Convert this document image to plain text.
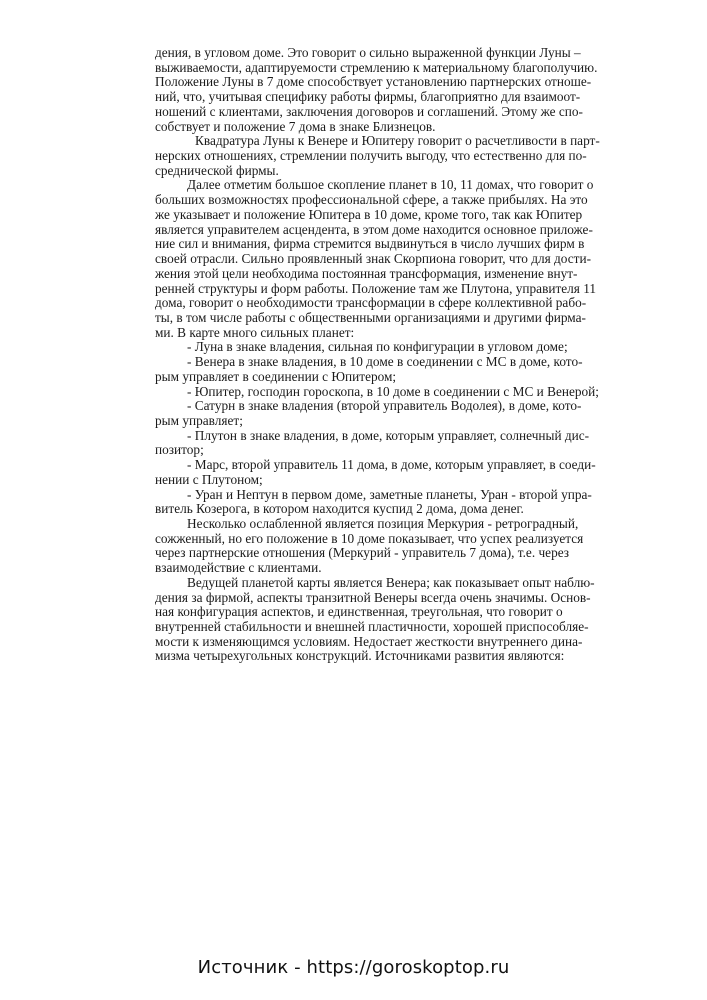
дения, в угловом доме. Это говорит о сильно выраженной функции Луны –
выживаемости, адаптируемости стремлению к материальному благополучию.
Положение Луны в 7 доме способствует установлению партнерских отноше-
ний, что, учитывая специфику работы фирмы, благоприятно для взаимоот-
ношений с клиентами, заключения договоров и соглашений. Этому же спо-
собствует и положение 7 дома в знаке Близнецов.
Квадратура Луны к Венере и Юпитеру говорит о расчетливости в парт-
нерских отношениях, стремлении получить выгоду, что естественно для по-
среднической фирмы.
Далее отметим большое скопление планет в 10, 11 домах, что говорит о
больших возможностях профессиональной сфере, а также прибылях. На это
же указывает и положение Юпитера в 10 доме, кроме того, так как Юпитер
является управителем асцендента, в этом доме находится основное приложе-
ние сил и внимания, фирма стремится выдвинуться в число лучших фирм в
своей отрасли. Сильно проявленный знак Скорпиона говорит, что для дости-
жения этой цели необходима постоянная трансформация, изменение внут-
ренней структуры и форм работы. Положение там же Плутона, управителя 11
дома, говорит о необходимости трансформации в сфере коллективной рабо-
ты, в том числе работы с общественными организациями и другими фирма-
ми. В карте много сильных планет:
- Луна в знаке владения, сильная по конфигурации в угловом доме;
- Венера в знаке владения, в 10 доме в соединении с МС в доме, кото-
рым управляет в соединении с Юпитером;
- Юпитер, господин гороскопа, в 10 доме в соединении с МС и Венерой;
- Сатурн в знаке владения (второй управитель Водолея), в доме, кото-
рым управляет;
- Плутон в знаке владения, в доме, которым управляет, солнечный дис-
позитор;
- Марс, второй управитель 11 дома, в доме, которым управляет, в соеди-
нении с Плутоном;
- Уран и Нептун в первом доме, заметные планеты, Уран - второй упра-
витель Козерога, в котором находится куспид 2 дома, дома денег.
Несколько ослабленной является позиция Меркурия - ретроградный,
сожженный, но его положение в 10 доме показывает, что успех реализуется
через партнерские отношения (Меркурий - управитель 7 дома), т.е. через
взаимодействие с клиентами.
Ведущей планетой карты является Венера; как показывает опыт наблю-
дения за фирмой, аспекты транзитной Венеры всегда очень значимы. Основ-
ная конфигурация аспектов, и единственная, треугольная, что говорит о
внутренней стабильности и внешней пластичности, хорошей приспособляе-
мости к изменяющимся условиям. Недостает жесткости внутреннего дина-
мизма четырехугольных конструкций. Источниками развития являются:
Источник - https://goroskoptop.ru
